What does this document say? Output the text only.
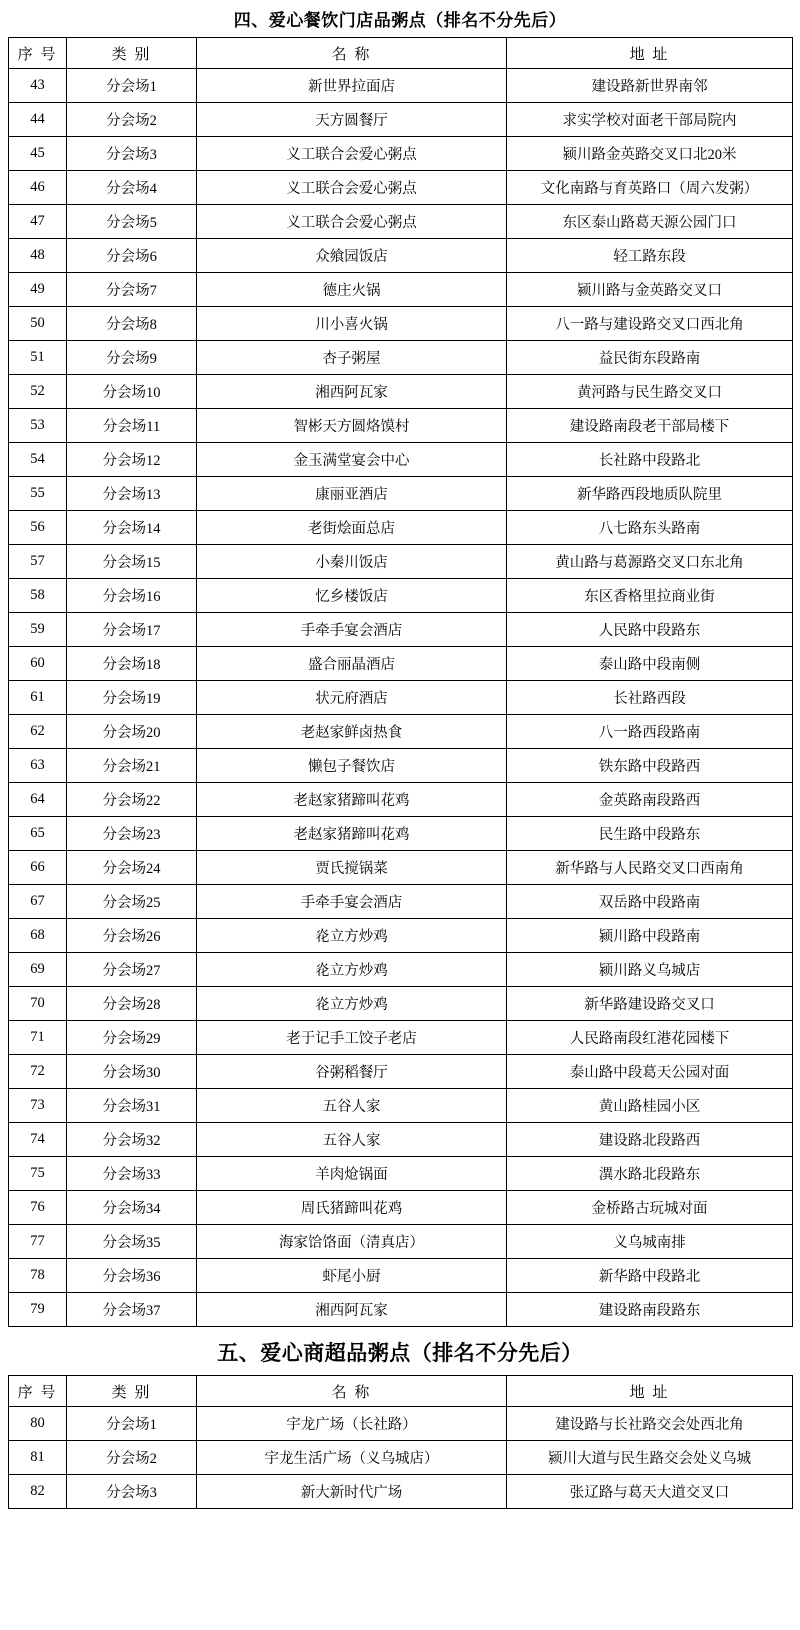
四、爱心餐饮门店品粥点（排名不分先后）
序 号	类 别	名 称	地 址
43	分会场1	新世界拉面店	建设路新世界南邻
44	分会场2	天方圆餐厅	求实学校对面老干部局院内
45	分会场3	义工联合会爱心粥点	颍川路金英路交叉口北20米
46	分会场4	义工联合会爱心粥点	文化南路与育英路口（周六发粥）
47	分会场5	义工联合会爱心粥点	东区泰山路葛天源公园门口
48	分会场6	众飨园饭店	轻工路东段
49	分会场7	德庄火锅	颍川路与金英路交叉口
50	分会场8	川小喜火锅	八一路与建设路交叉口西北角
51	分会场9	杏子粥屋	益民街东段路南
52	分会场10	湘西阿瓦家	黄河路与民生路交叉口
53	分会场11	智彬天方圆烙馍村	建设路南段老干部局楼下
54	分会场12	金玉满堂宴会中心	长社路中段路北
55	分会场13	康丽亚酒店	新华路西段地质队院里
56	分会场14	老街烩面总店	八七路东头路南
57	分会场15	小秦川饭店	黄山路与葛源路交叉口东北角
58	分会场16	忆乡楼饭店	东区香格里拉商业街
59	分会场17	手牵手宴会酒店	人民路中段路东
60	分会场18	盛合丽晶酒店	泰山路中段南侧
61	分会场19	状元府酒店	长社路西段
62	分会场20	老赵家鲜卤热食	八一路西段路南
63	分会场21	懒包子餐饮店	铁东路中段路西
64	分会场22	老赵家猪蹄叫花鸡	金英路南段路西
65	分会场23	老赵家猪蹄叫花鸡	民生路中段路东
66	分会场24	贾氏搅锅菜	新华路与人民路交叉口西南角
67	分会场25	手牵手宴会酒店	双岳路中段路南
68	分会场26	炛立方炒鸡	颍川路中段路南
69	分会场27	炛立方炒鸡	颍川路义乌城店
70	分会场28	炛立方炒鸡	新华路建设路交叉口
71	分会场29	老于记手工饺子老店	人民路南段红港花园楼下
72	分会场30	谷粥稻餐厅	泰山路中段葛天公园对面
73	分会场31	五谷人家	黄山路桂园小区
74	分会场32	五谷人家	建设路北段路西
75	分会场33	羊肉炝锅面	潩水路北段路东
76	分会场34	周氏猪蹄叫花鸡	金桥路古玩城对面
77	分会场35	海家饸饹面（清真店）	义乌城南排
78	分会场36	虾尾小厨	新华路中段路北
79	分会场37	湘西阿瓦家	建设路南段路东
五、爱心商超品粥点（排名不分先后）
序 号	类 别	名 称	地 址
80	分会场1	宇龙广场（长社路）	建设路与长社路交会处西北角
81	分会场2	宇龙生活广场（义乌城店）	颍川大道与民生路交会处义乌城
82	分会场3	新大新时代广场	张辽路与葛天大道交叉口
